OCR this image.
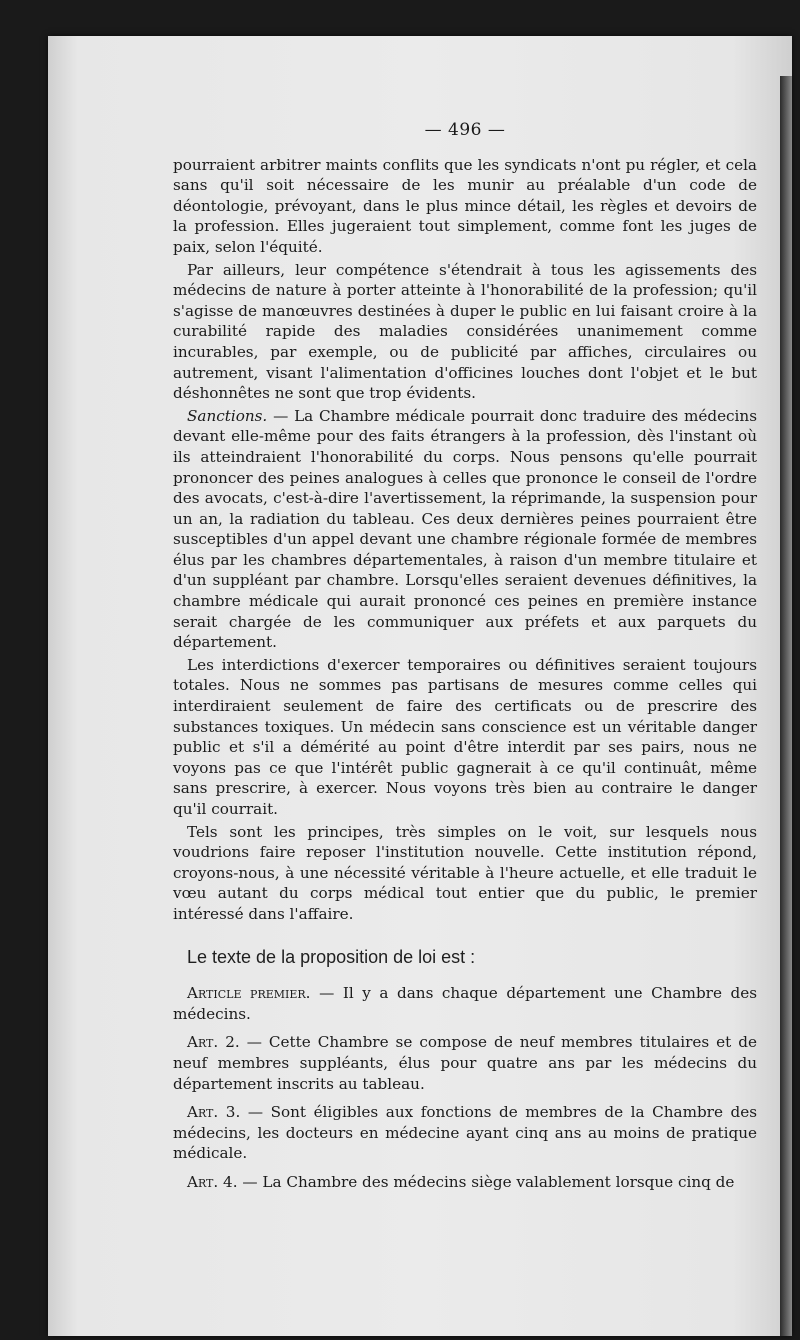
— 496 —

pourraient arbitrer maints conflits que les syndicats n'ont pu régler, et cela sans qu'il soit nécessaire de les munir au préalable d'un code de déontologie, prévoyant, dans le plus mince détail, les règles et devoirs de la profession. Elles jugeraient tout simplement, comme font les juges de paix, selon l'équité.

Par ailleurs, leur compétence s'étendrait à tous les agissements des médecins de nature à porter atteinte à l'honorabilité de la profession; qu'il s'agisse de manœuvres destinées à duper le public en lui faisant croire à la curabilité rapide des maladies considérées unanimement comme incurables, par exemple, ou de publicité par affiches, circulaires ou autrement, visant l'alimentation d'officines louches dont l'objet et le but déshonnêtes ne sont que trop évidents.

Sanctions. — La Chambre médicale pourrait donc traduire des médecins devant elle-même pour des faits étrangers à la profession, dès l'instant où ils atteindraient l'honorabilité du corps. Nous pensons qu'elle pourrait prononcer des peines analogues à celles que prononce le conseil de l'ordre des avocats, c'est-à-dire l'avertissement, la réprimande, la suspension pour un an, la radiation du tableau. Ces deux dernières peines pourraient être susceptibles d'un appel devant une chambre régionale formée de membres élus par les chambres départementales, à raison d'un membre titulaire et d'un suppléant par chambre. Lorsqu'elles seraient devenues définitives, la chambre médicale qui aurait prononcé ces peines en première instance serait chargée de les communiquer aux préfets et aux parquets du département.

Les interdictions d'exercer temporaires ou définitives seraient toujours totales. Nous ne sommes pas partisans de mesures comme celles qui interdiraient seulement de faire des certificats ou de prescrire des substances toxiques. Un médecin sans conscience est un véritable danger public et s'il a démérité au point d'être interdit par ses pairs, nous ne voyons pas ce que l'intérêt public gagnerait à ce qu'il continuât, même sans prescrire, à exercer. Nous voyons très bien au contraire le danger qu'il courrait.

Tels sont les principes, très simples on le voit, sur lesquels nous voudrions faire reposer l'institution nouvelle. Cette institution répond, croyons-nous, à une nécessité véritable à l'heure actuelle, et elle traduit le vœu autant du corps médical tout entier que du public, le premier intéressé dans l'affaire.

Le texte de la proposition de loi est :

Article premier. — Il y a dans chaque département une Chambre des médecins.

Art. 2. — Cette Chambre se compose de neuf membres titulaires et de neuf membres suppléants, élus pour quatre ans par les médecins du département inscrits au tableau.

Art. 3. — Sont éligibles aux fonctions de membres de la Chambre des médecins, les docteurs en médecine ayant cinq ans au moins de pratique médicale.

Art. 4. — La Chambre des médecins siège valablement lorsque cinq de
